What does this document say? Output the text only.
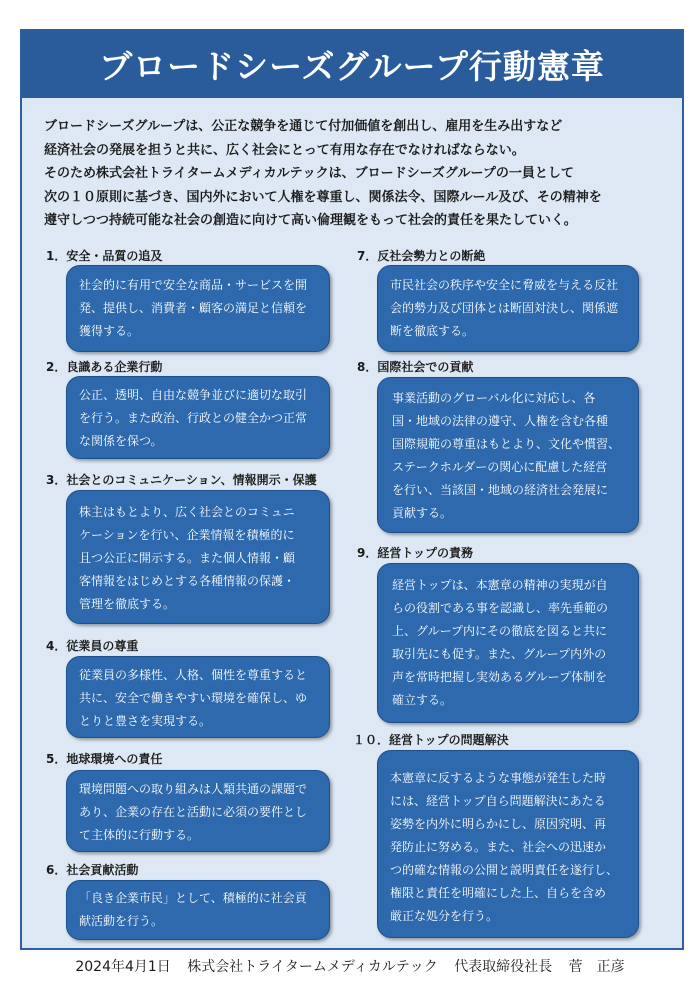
ブロードシーズグループ行動憲章

ブロードシーズグループは、公正な競争を通じて付加価値を創出し、雇用を生み出すなど

経済社会の発展を担うと共に、広く社会にとって有用な存在でなければならない。

そのため株式会社トライタームメディカルテックは、ブロードシーズグループの一員として

次の１０原則に基づき、国内外において人権を尊重し、関係法令、国際ルール及び、その精神を

遵守しつつ持続可能な社会の創造に向けて高い倫理観をもって社会的責任を果たしていく。

1．安全・品質の追及
社会的に有用で安全な商品・サービスを開
発、提供し、消費者・顧客の満足と信頼を
獲得する。
2．良識ある企業行動
公正、透明、自由な競争並びに適切な取引
を行う。また政治、行政との健全かつ正常
な関係を保つ。
3．社会とのコミュニケーション、情報開示・保護
株主はもとより、広く社会とのコミュニ
ケーションを行い、企業情報を積極的に
且つ公正に開示する。また個人情報・顧
客情報をはじめとする各種情報の保護・
管理を徹底する。
4．従業員の尊重
従業員の多様性、人格、個性を尊重すると
共に、安全で働きやすい環境を確保し、ゆ
とりと豊さを実現する。
5．地球環境への責任
環境問題への取り組みは人類共通の課題で
あり、企業の存在と活動に必須の要件とし
て主体的に行動する。
6．社会貢献活動
「良き企業市民」として、積極的に社会貢
献活動を行う。
7．反社会勢力との断絶
市民社会の秩序や安全に脅威を与える反社
会的勢力及び団体とは断固対決し、関係遮
断を徹底する。
8．国際社会での貢献
事業活動のグローバル化に対応し、各
国・地域の法律の遵守、人権を含む各種
国際規範の尊重はもとより、文化や慣習、
ステークホルダーの関心に配慮した経営
を行い、当該国・地域の経済社会発展に
貢献する。
9．経営トップの責務
経営トップは、本憲章の精神の実現が自
らの役割である事を認識し、率先垂範の
上、グループ内にその徹底を図ると共に
取引先にも促す。また、グループ内外の
声を常時把握し実効あるグループ体制を
確立する。
１０．経営トップの問題解決
本憲章に反するような事態が発生した時
には、経営トップ自ら問題解決にあたる
姿勢を内外に明らかにし、原因究明、再
発防止に努める。また、社会への迅速か
つ的確な情報の公開と説明責任を遂行し、
権限と責任を明確にした上、自らを含め
厳正な処分を行う。
2024年4月1日 株式会社トライタームメディカルテック 代表取締役社長 菅　正彦
